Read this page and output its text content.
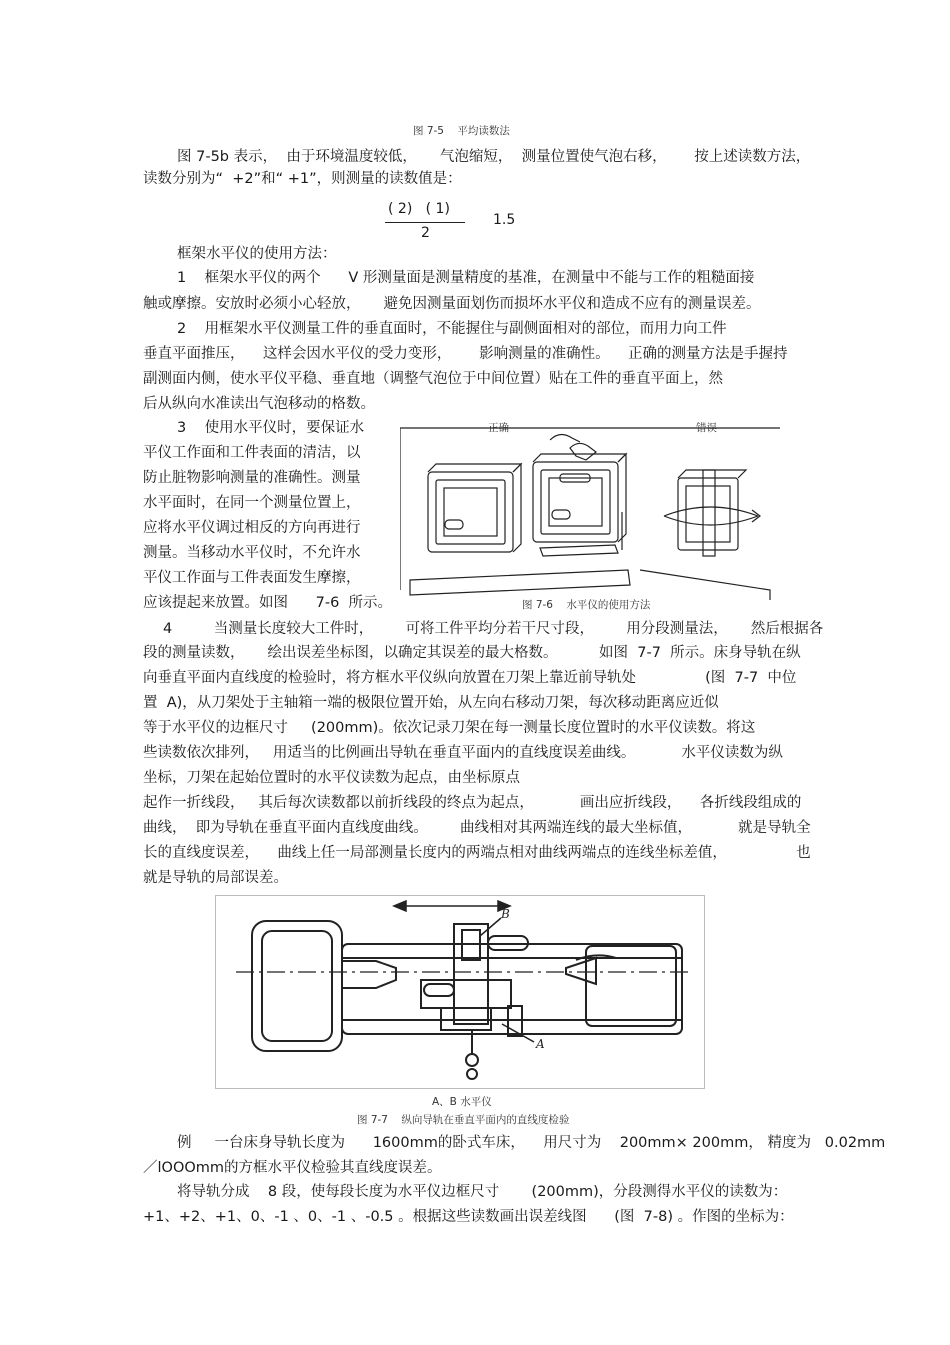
图 7-5    平均读数法
图 7-5b 表示，  由于环境温度较低，     气泡缩短，  测量位置使气泡右移，      按上述读数方法，
读数分别为“  +2”和“ +1”，则测量的读数值是：
( 2)   ( 1)
2
1.5
框架水平仪的使用方法：
1    框架水平仪的两个      V 形测量面是测量精度的基准，在测量中不能与工作的粗糙面接
触或摩擦。安放时必须小心轻放，     避免因测量面划伤而损坏水平仪和造成不应有的测量误差。
2    用框架水平仪测量工件的垂直面时，不能握住与副侧面相对的部位，而用力向工件
垂直平面推压，    这样会因水平仪的受力变形，      影响测量的准确性。    正确的测量方法是手握持
副测面内侧，使水平仪平稳、垂直地（调整气泡位于中间位置）贴在工件的垂直平面上，然
后从纵向水准读出气泡移动的格数。
3    使用水平仪时，要保证水
平仪工作面和工件表面的清洁，以
防止脏物影响测量的准确性。测量
水平面时，在同一个测量位置上，
应将水平仪调过相反的方向再进行
测量。当移动水平仪时，不允许水
平仪工作面与工件表面发生摩擦，
应该提起来放置。如图      7-6  所示。
正确	错误
图 7-6    水平仪的使用方法
4         当测量长度较大工件时，       可将工件平均分若干尺寸段，       用分段测量法，     然后根据各
段的测量读数，     绘出误差坐标图，以确定其误差的最大格数。         如图  7-7  所示。床身导轨在纵
向垂直平面内直线度的检验时，将方框水平仪纵向放置在刀架上靠近前导轨处               (图  7-7  中位
置  A)，从刀架处于主轴箱一端的极限位置开始，从左向右移动刀架，每次移动距离应近似
等于水平仪的边框尺寸     (200mm)。依次记录刀架在每一测量长度位置时的水平仪读数。将这
些读数依次排列，   用适当的比例画出导轨在垂直平面内的直线度误差曲线。          水平仪读数为纵
坐标，刀架在起始位置时的水平仪读数为起点，由坐标原点
起作一折线段，   其后每次读数都以前折线段的终点为起点，          画出应折线段，    各折线段组成的
曲线，  即为导轨在垂直平面内直线度曲线。       曲线相对其两端连线的最大坐标值，          就是导轨全
长的直线度误差，    曲线上任一局部测量长度内的两端点相对曲线两端点的连线坐标差值，               也
就是导轨的局部误差。
B
A
A、B 水平仪
图 7-7    纵向导轨在垂直平面内的直线度检验
例     一台床身导轨长度为      1600mm的卧式车床，    用尺寸为    200mm× 200mm， 精度为   0.02mm
／lOOOmm的方框水平仪检验其直线度误差。
将导轨分成    8 段，使每段长度为水平仪边框尺寸       (200mm)，分段测得水平仪的读数为：
+1、+2、+1、0、-1 、0、-1 、-0.5 。根据这些读数画出误差线图      (图  7-8) 。作图的坐标为：
